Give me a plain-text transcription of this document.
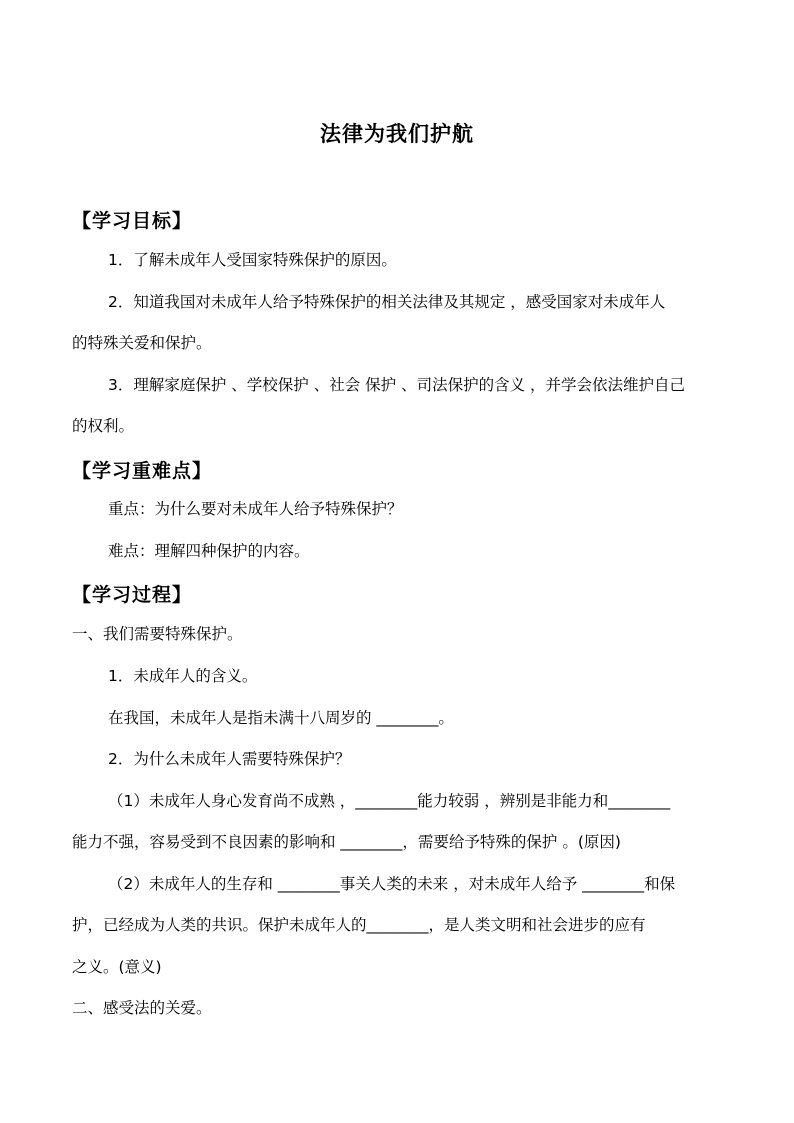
法律为我们护航
【学习目标】
1．了解未成年人受国家特殊保护的原因。
2．知道我国对未成年人给予特殊保护的相关法律及其规定 ，感受国家对未成年人
的特殊关爱和保护。
3．理解家庭保护 、学校保护 、社会 保护 、司法保护的含义 ，并学会依法维护自己
的权利。
【学习重难点】
重点：为什么要对未成年人给予特殊保护？
难点：理解四种保护的内容。
【学习过程】
一、我们需要特殊保护。
1．未成年人的含义。
在我国，未成年人是指未满十八周岁的 ________。
2．为什么未成年人需要特殊保护？
（1）未成年人身心发育尚不成熟 ，________能力较弱 ，辨别是非能力和________
能力不强，容易受到不良因素的影响和 ________，需要给予特殊的保护 。(原因)
（2）未成年人的生存和 ________事关人类的未来 ，对未成年人给予 ________和保
护，已经成为人类的共识。保护未成年人的________，是人类文明和社会进步的应有
之义。(意义)
二、感受法的关爱。
